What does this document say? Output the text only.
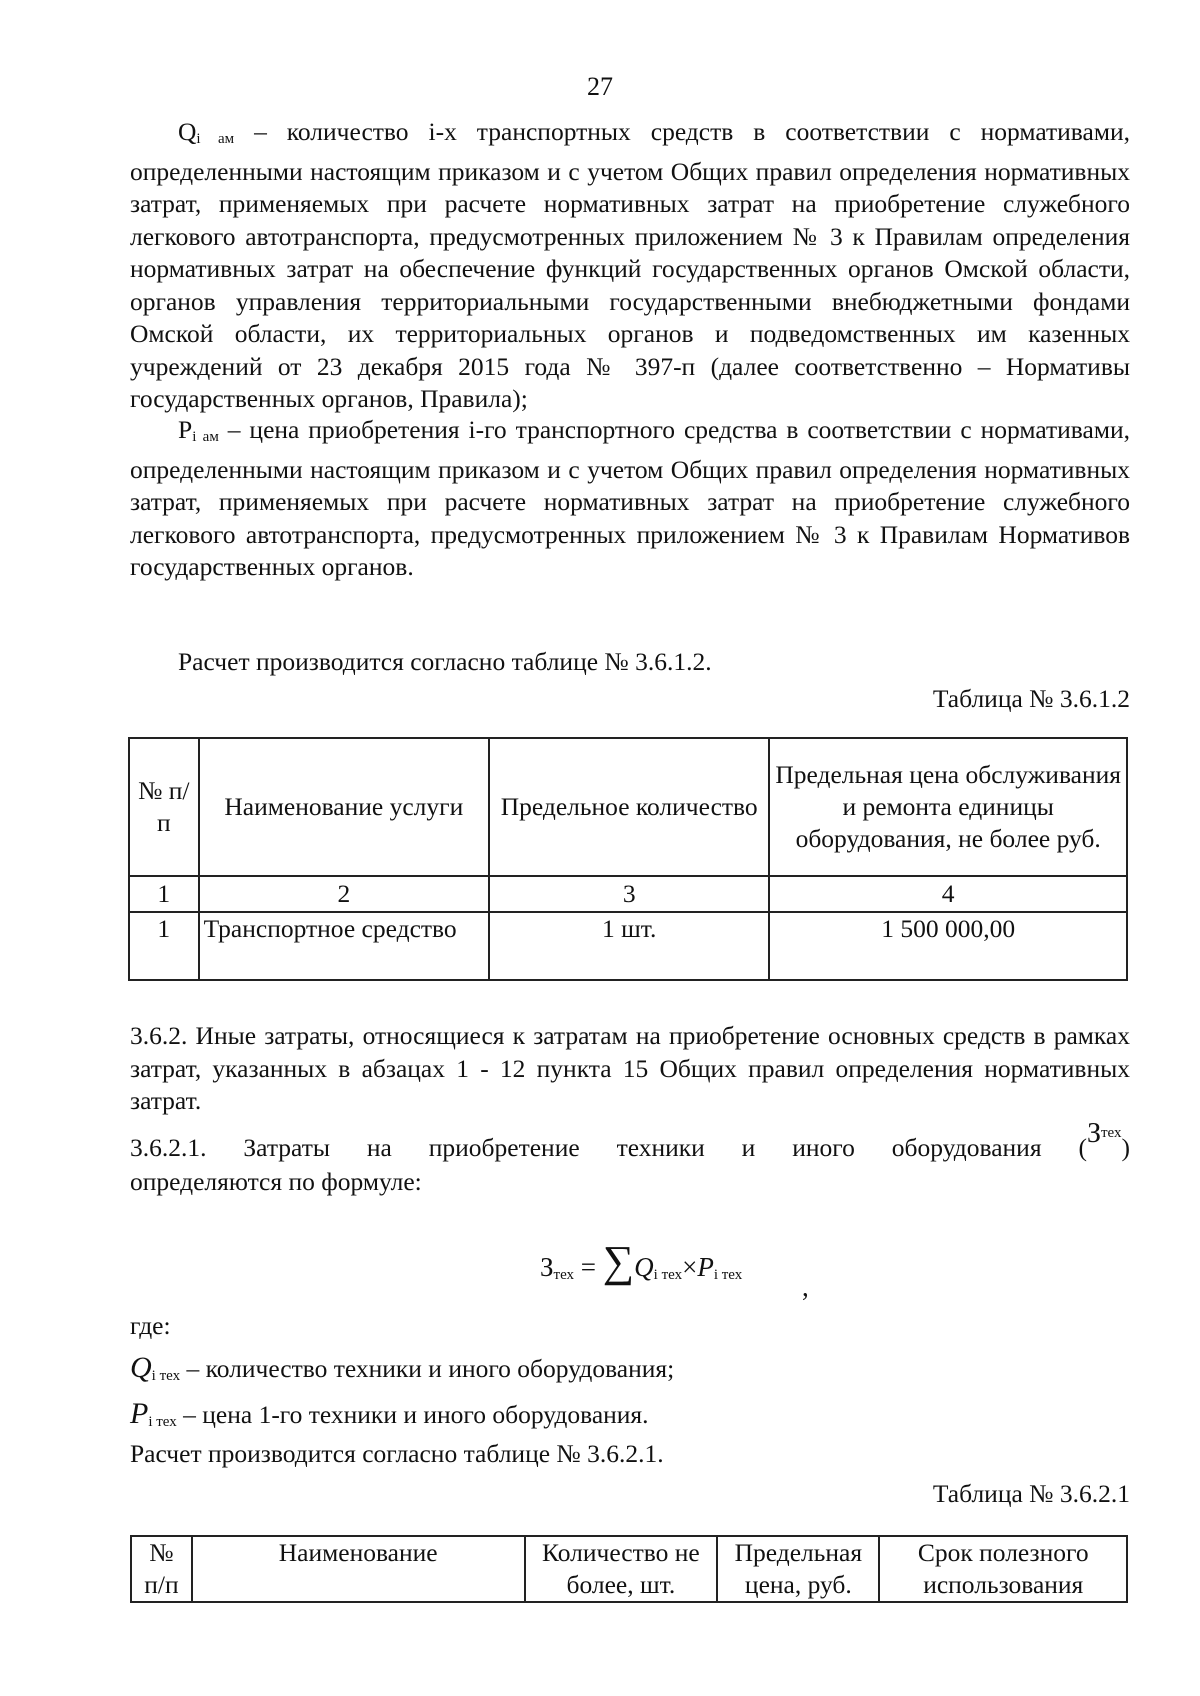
27

$Q_{i ам}$ – количество i-х транспортных средств в соответствии с нормативами, определенными настоящим приказом и с учетом Общих правил определения нормативных затрат, применяемых при расчете нормативных затрат на приобретение служебного легкового автотранспорта, предусмотренных приложением № 3 к Правилам определения нормативных затрат на обеспечение функций государственных органов Омской области, органов управления территориальными государственными внебюджетными фондами Омской области, их территориальных органов и подведомственных им казенных учреждений от 23 декабря 2015 года № 397-п (далее соответственно – Нормативы государственных органов, Правила);

$P_{i ам}$ – цена приобретения i-го транспортного средства в соответствии с нормативами, определенными настоящим приказом и с учетом Общих правил определения нормативных затрат, применяемых при расчете нормативных затрат на приобретение служебного легкового автотранспорта, предусмотренных приложением № 3 к Правилам Нормативов государственных органов.

Расчет производится согласно таблице № 3.6.1.2.

Таблица № 3.6.1.2

№ п/п	Наименование услуги	Предельное количество	Предельная цена обслуживания и ремонта единицы оборудования, не более руб.
1	2	3	4
1	Транспортное средство	1 шт.	1 500 000,00

3.6.2. Иные затраты, относящиеся к затратам на приобретение основных средств в рамках затрат, указанных в абзацах 1 - 12 пункта 15 Общих правил определения нормативных затрат.

3.6.2.1. Затраты на приобретение техники и иного оборудования $(З_{тех})$

определяются по формуле:

$З_{тех} = \sum Q_{i тех}\times P_{i тех}$	,

где:

$Q_{i тех}$ – количество техники и иного оборудования;
$P_{i тех}$ – цена 1-го техники и иного оборудования.

Расчет производится согласно таблице № 3.6.2.1.

Таблица № 3.6.2.1

№ п/п	Наименование	Количество не более, шт.	Предельная цена, руб.	Срок полезного использования
